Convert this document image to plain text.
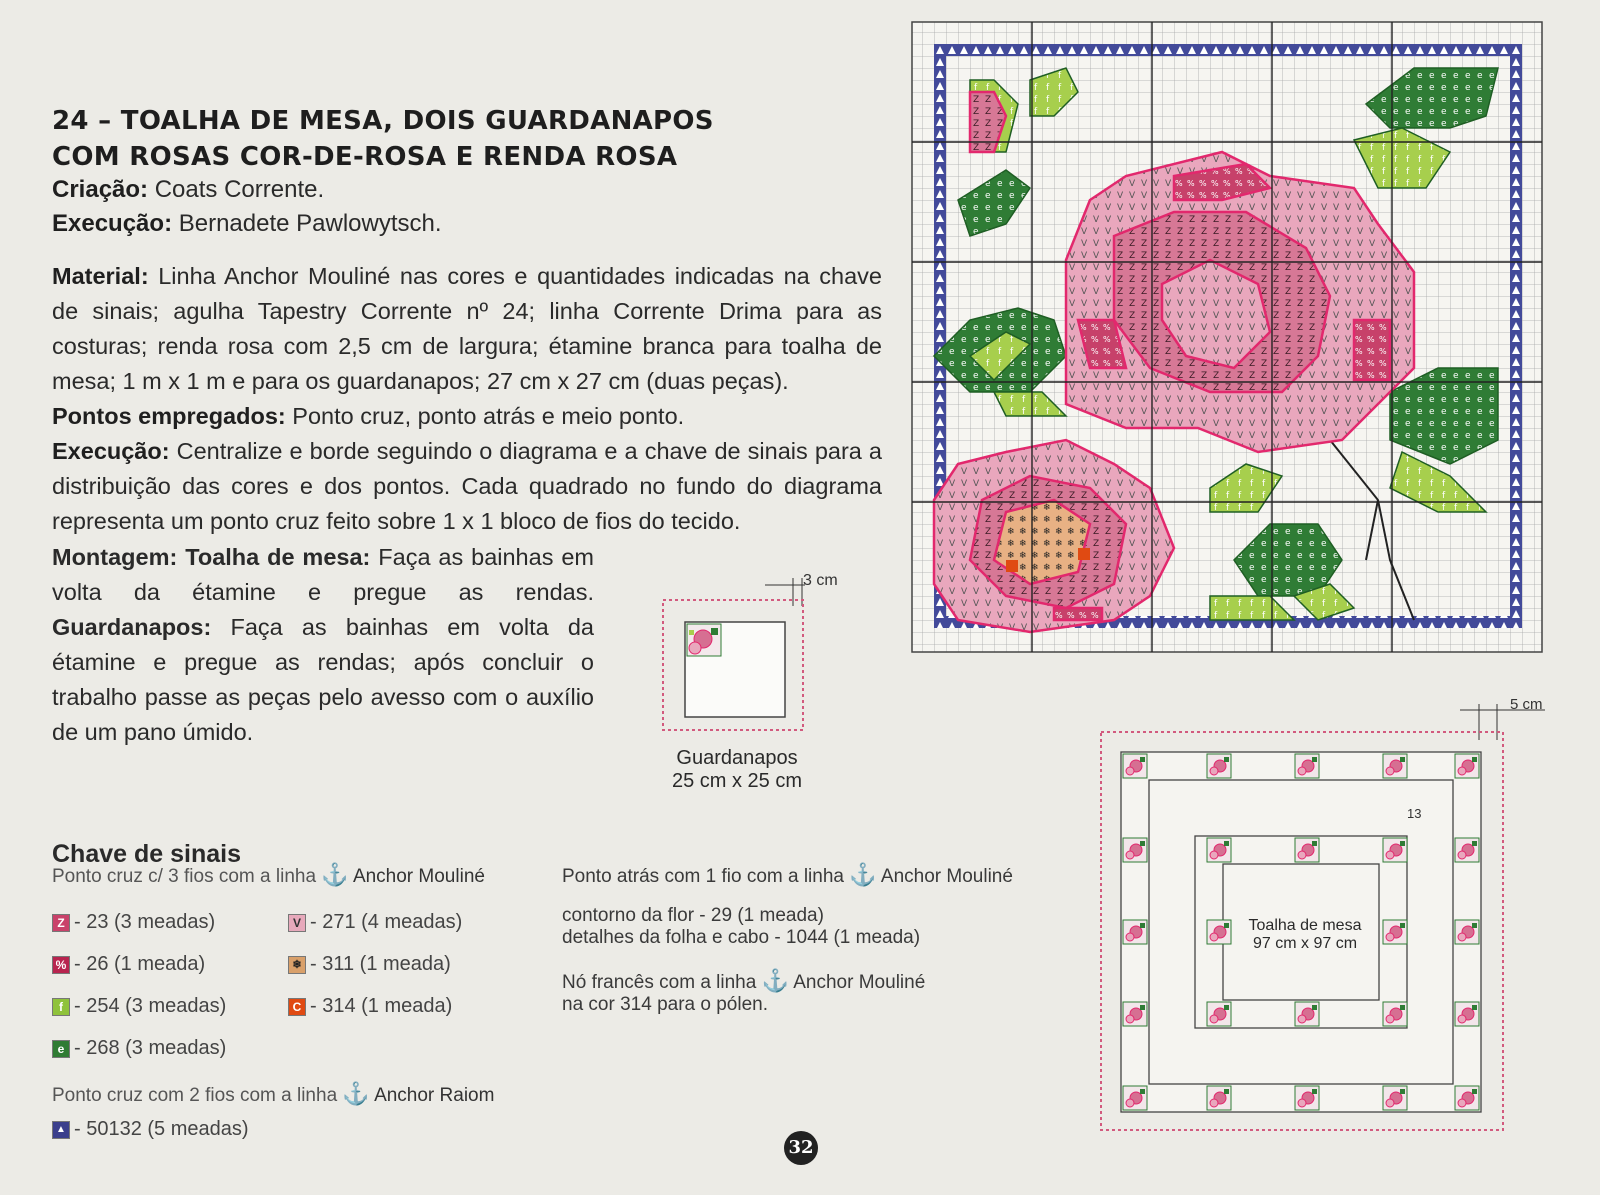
24 – TOALHA DE MESA, DOIS GUARDANAPOS
COM ROSAS COR-DE-ROSA E RENDA ROSA
Criação: Coats Corrente.
Execução: Bernadete Pawlowytsch.
Material: Linha Anchor Mouliné nas cores e quantidades indicadas na chave de sinais; agulha Tapestry Corrente nº 24; linha Corrente Drima para as costuras; renda rosa com 2,5 cm de largura; étamine branca para toalha de mesa; 1 m x 1 m e para os guardanapos; 27 cm x 27 cm (duas peças).
Pontos empregados: Ponto cruz, ponto atrás e meio ponto.
Execução: Centralize e borde seguindo o diagrama e a chave de sinais para a distribuição das cores e dos pontos. Cada quadrado no fundo do diagrama representa um ponto cruz feito sobre 1 x 1 bloco de fios do tecido.
Montagem: Toalha de mesa: Faça as bainhas em volta da étamine e pregue as rendas. Guardanapos: Faça as bainhas em volta da étamine e pregue as rendas; após concluir o trabalho passe as peças pelo avesso com o auxílio de um pano úmido.
3 cm
Guardanapos
25 cm x 25 cm
5 cm
13
Toalha de mesa
97 cm x 97 cm
Chave de sinais
Ponto cruz c/ 3 fios com a linha ⚓ Anchor Mouliné
Z - 23 (3 meadas)
% - 26 (1 meada)
f - 254 (3 meadas)
e - 268 (3 meadas)
V - 271 (4 meadas)
❄ - 311 (1 meada)
C - 314 (1 meada)
Ponto cruz com 2 fios com a linha ⚓ Anchor Raiom
▲ - 50132 (5 meadas)
Ponto atrás com 1 fio com a linha ⚓ Anchor Mouliné
contorno da flor - 29 (1 meada)
detalhes da folha e cabo - 1044 (1 meada)
Nó francês com a linha ⚓ Anchor Mouliné
na cor 314 para o pólen.
32
